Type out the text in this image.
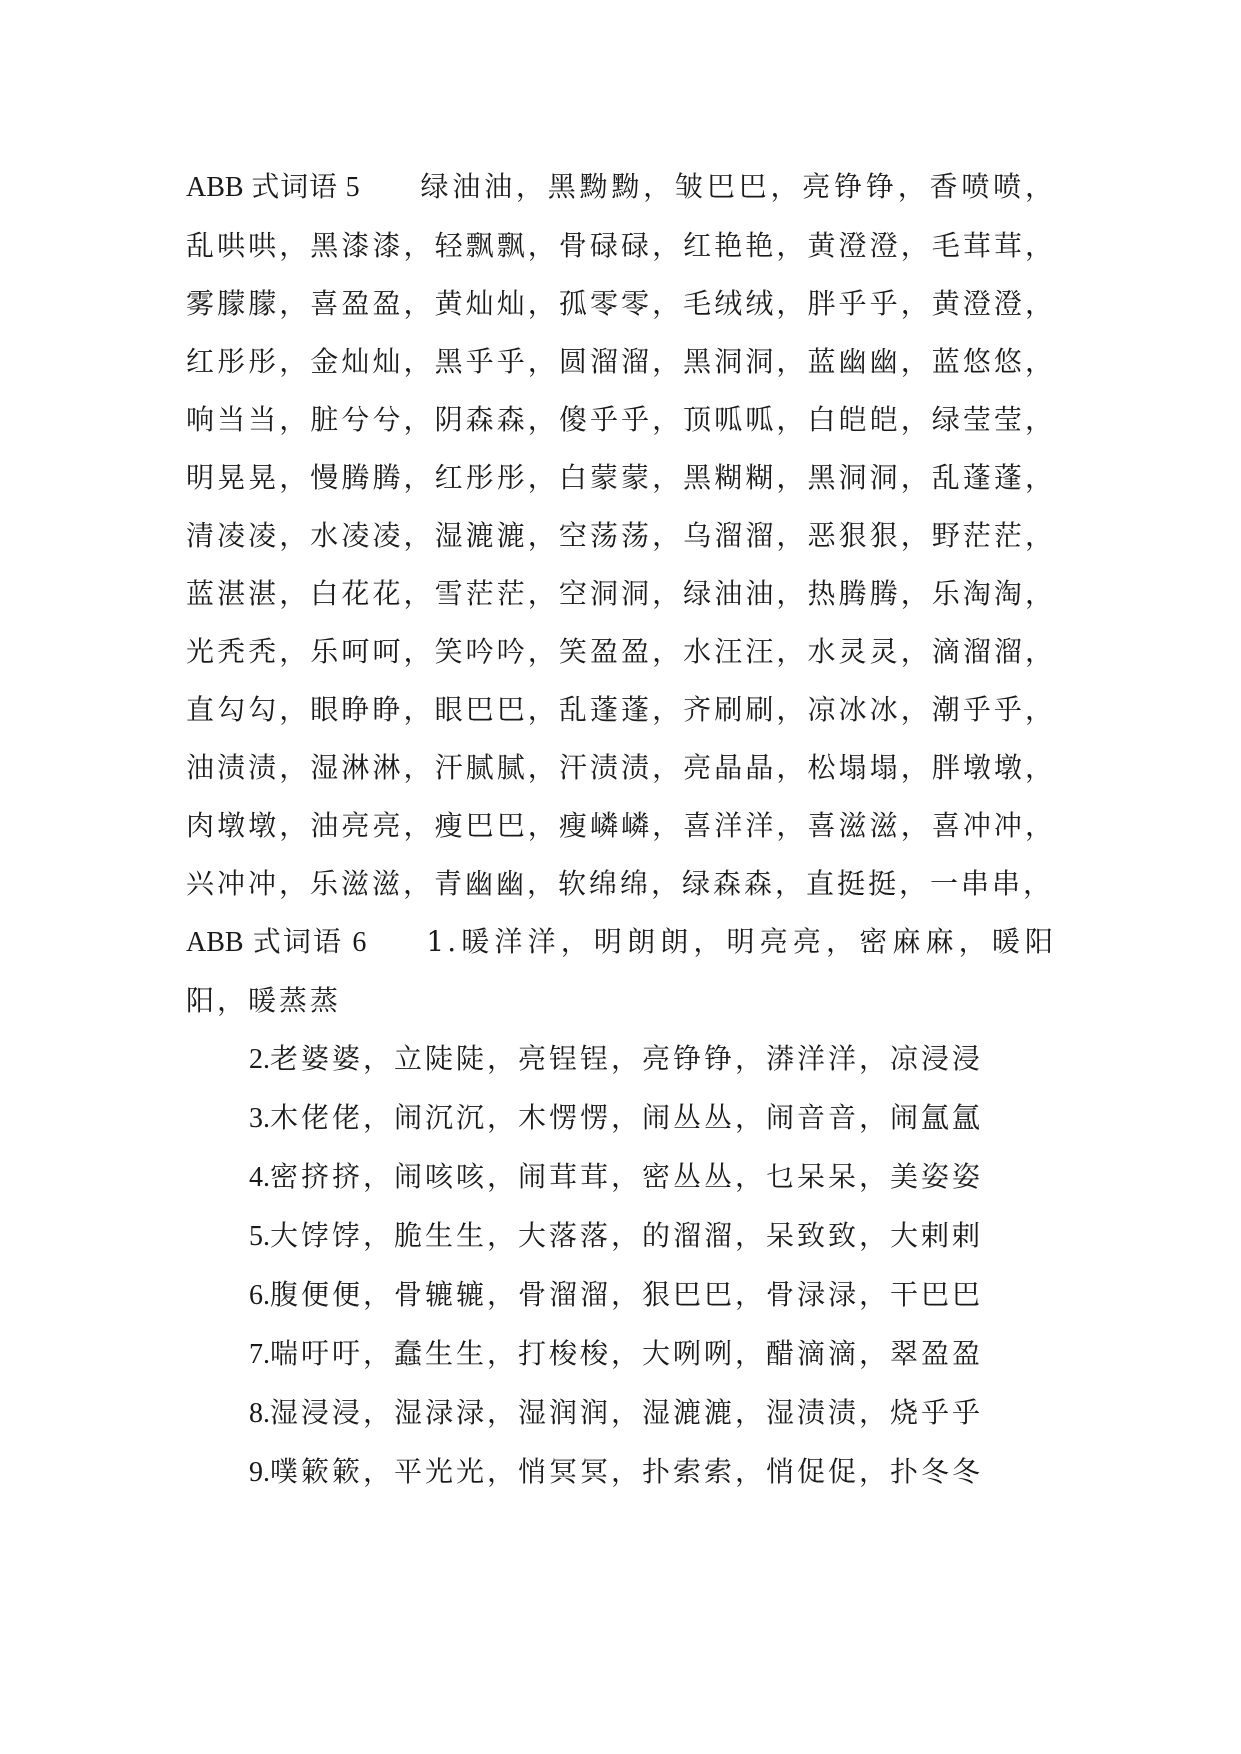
ABB 式词语 5 绿油油，黑黝黝，皱巴巴，亮铮铮，香喷喷，乱哄哄，黑漆漆，轻飘飘，骨碌碌，红艳艳，黄澄澄，毛茸茸，雾朦朦，喜盈盈，黄灿灿，孤零零，毛绒绒，胖乎乎，黄澄澄，红彤彤，金灿灿，黑乎乎，圆溜溜，黑洞洞，蓝幽幽，蓝悠悠，响当当，脏兮兮，阴森森，傻乎乎，顶呱呱，白皑皑，绿莹莹，明晃晃，慢腾腾，红彤彤，白蒙蒙，黑糊糊，黑洞洞，乱蓬蓬，清凌凌，水凌凌，湿漉漉，空荡荡，乌溜溜，恶狠狠，野茫茫，蓝湛湛，白花花，雪茫茫，空洞洞，绿油油，热腾腾，乐淘淘，光秃秃，乐呵呵，笑吟吟，笑盈盈，水汪汪，水灵灵，滴溜溜，直勾勾，眼睁睁，眼巴巴，乱蓬蓬，齐刷刷，凉冰冰，潮乎乎，油渍渍，湿淋淋，汗腻腻，汗渍渍，亮晶晶，松塌塌，胖墩墩，肉墩墩，油亮亮，瘦巴巴，瘦嶙嶙，喜洋洋，喜滋滋，喜冲冲，兴冲冲，乐滋滋，青幽幽，软绵绵，绿森森，直挺挺，一串串，

ABB 式词语 6 1.暖洋洋，明朗朗，明亮亮，密麻麻，暖阳阳，暖蒸蒸

2.老婆婆，立陡陡，亮锃锃，亮铮铮，漭洋洋，凉浸浸
3.木佬佬，闹沉沉，木愣愣，闹丛丛，闹音音，闹氲氲
4.密挤挤，闹咳咳，闹茸茸，密丛丛，乜呆呆，美姿姿
5.大饽饽，脆生生，大落落，的溜溜，呆致致，大剌剌
6.腹便便，骨辘辘，骨溜溜，狠巴巴，骨渌渌，干巴巴
7.喘吁吁，蠢生生，打梭梭，大咧咧，醋滴滴，翠盈盈
8.湿浸浸，湿渌渌，湿润润，湿漉漉，湿渍渍，烧乎乎
9.噗簌簌，平光光，悄冥冥，扑索索，悄促促，扑冬冬
